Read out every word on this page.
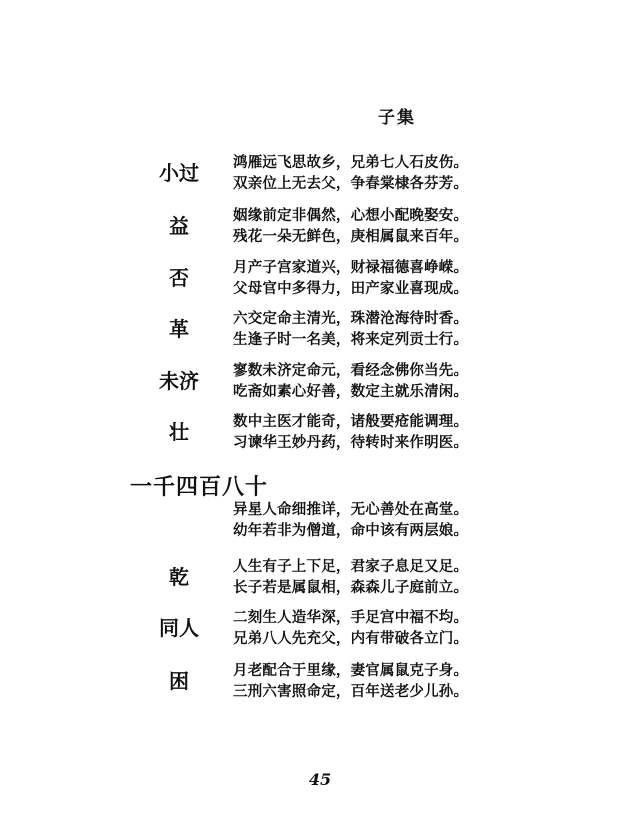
子集
小过	鸿雁远飞思故乡，兄弟七人石皮伤。
双亲位上无去父，争春棠棣各芬芳。
益	姻缘前定非偶然，心想小配晚娶安。
残花一朵无鲜色，庚相属鼠来百年。
否	月产子宫家道兴，财禄福德喜峥嵘。
父母官中多得力，田产家业喜现成。
革	六交定命主清光，珠潜沧海待时香。
生逢子时一名美，将来定列贡士行。
未济	寥数未济定命元，看经念佛你当先。
吃斋如素心好善，数定主就乐清闲。
壮	数中主医才能奇，诸般要疮能调理。
习谏华王妙丹药，待转时来作明医。
一千四百八十
异星人命细推详，无心善处在高堂。
幼年若非为僧道，命中该有两层娘。
乾	人生有子上下足，君家子息足又足。
长子若是属鼠相，森森儿子庭前立。
同人	二刻生人造华深，手足宫中福不均。
兄弟八人先充父，内有带破各立门。
困	月老配合于里缘，妻官属鼠克子身。
三刑六害照命定，百年送老少儿孙。
45
